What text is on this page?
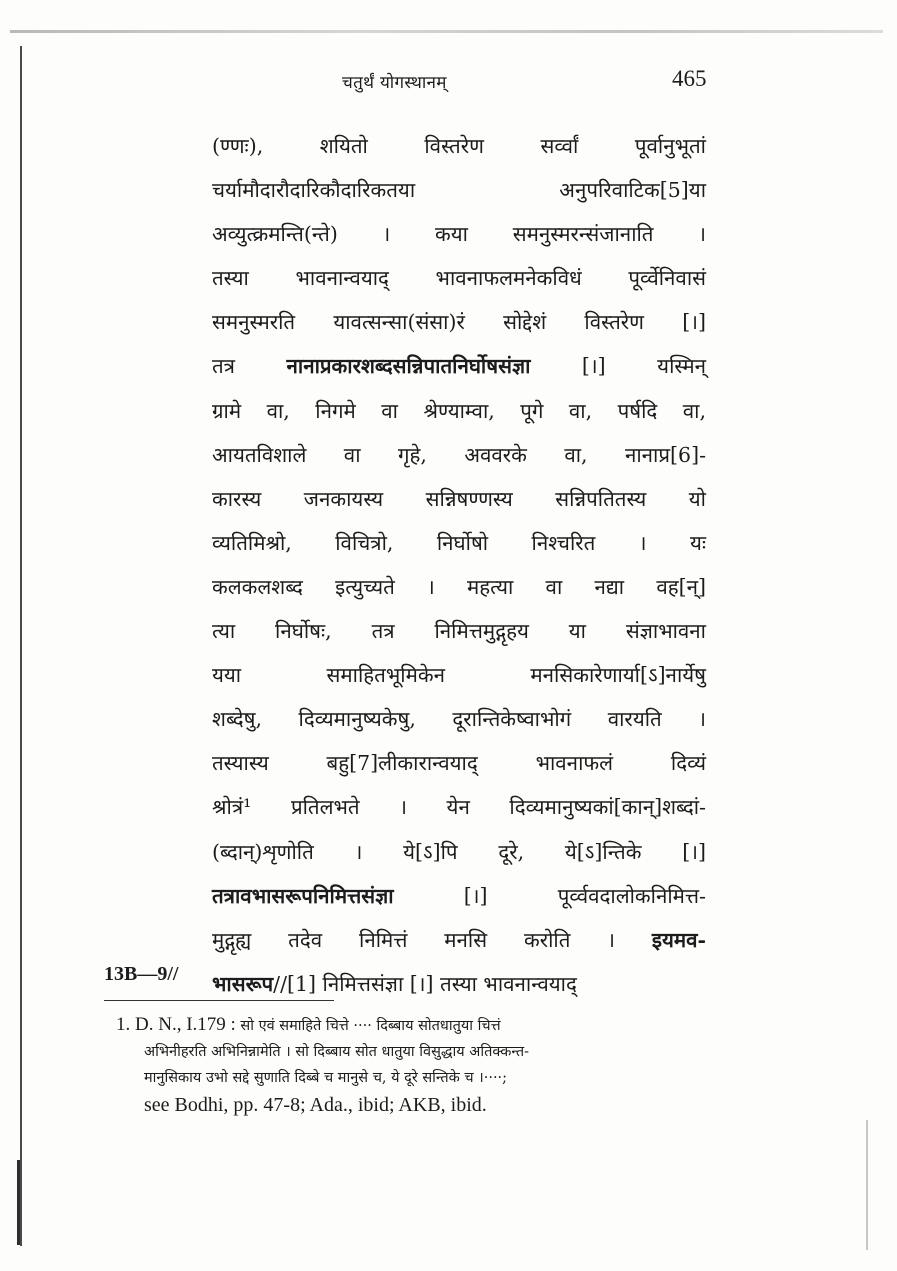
चतुर्थं योगस्थानम्	465
(ण्णः), शयितो विस्तरेण सर्व्वां पूर्वानुभूतां
चर्यामौदारौदारिकौदारिकतया अनुपरिवाटिक[5]या
अव्युत्क्रमन्ति(न्ते) । कया समनुस्मरन्संजानाति ।
तस्या भावनान्वयाद् भावनाफलमनेकविधं पूर्व्वेनिवासं
समनुस्मरति यावत्सन्सा(संसा)रं सोद्देशं विस्तरेण [।]
तत्र नानाप्रकारशब्दसन्निपातनिर्घोषसंज्ञा [।] यस्मिन्
ग्रामे वा, निगमे वा श्रेण्याम्वा, पूगे वा, पर्षदि वा,
आयतविशाले वा गृहे, अववरके वा, नानाप्र[6]-
कारस्य जनकायस्य सन्निषण्णस्य सन्निपतितस्य यो
व्यतिमिश्रो, विचित्रो, निर्घोषो निश्चरित । यः
कलकलशब्द इत्युच्यते । महत्या वा नद्या वह[न्]
त्या निर्घोषः, तत्र निमित्तमुद्गृहय या संज्ञाभावना
यया समाहितभूमिकेन मनसिकारेणार्या[ऽ]नार्येषु
शब्देषु, दिव्यमानुष्यकेषु, दूरान्तिकेष्वाभोगं वारयति ।
तस्यास्य बहु[7]लीकारान्वयाद् भावनाफलं दिव्यं
श्रोत्रं¹ प्रतिलभते । येन दिव्यमानुष्यकां[कान्]शब्दां-
(ब्दान्)शृणोति । ये[ऽ]पि दूरे, ये[ऽ]न्तिके [।]
तत्रावभासरूपनिमित्तसंज्ञा [।] पूर्व्ववदालोकनिमित्त-
मुद्गृह्य तदेव निमित्तं मनसि करोति । इयमव-
भासरूप//[1] निमित्तसंज्ञा [।] तस्या भावनान्वयाद्
13B—9//
1. D. N., I.179 : सो एवं समाहिते चित्ते ···· दिब्बाय सोतधातुया चित्तं
अभिनीहरति अभिनिन्नामेति । सो दिब्बाय सोत धातुया विसुद्धाय अतिक्कन्त-
मानुसिकाय उभो सद्दे सुणाति दिब्बे च मानुसे च, ये दूरे सन्तिके च ।····;
see Bodhi, pp. 47-8; Ada., ibid; AKB, ibid.
